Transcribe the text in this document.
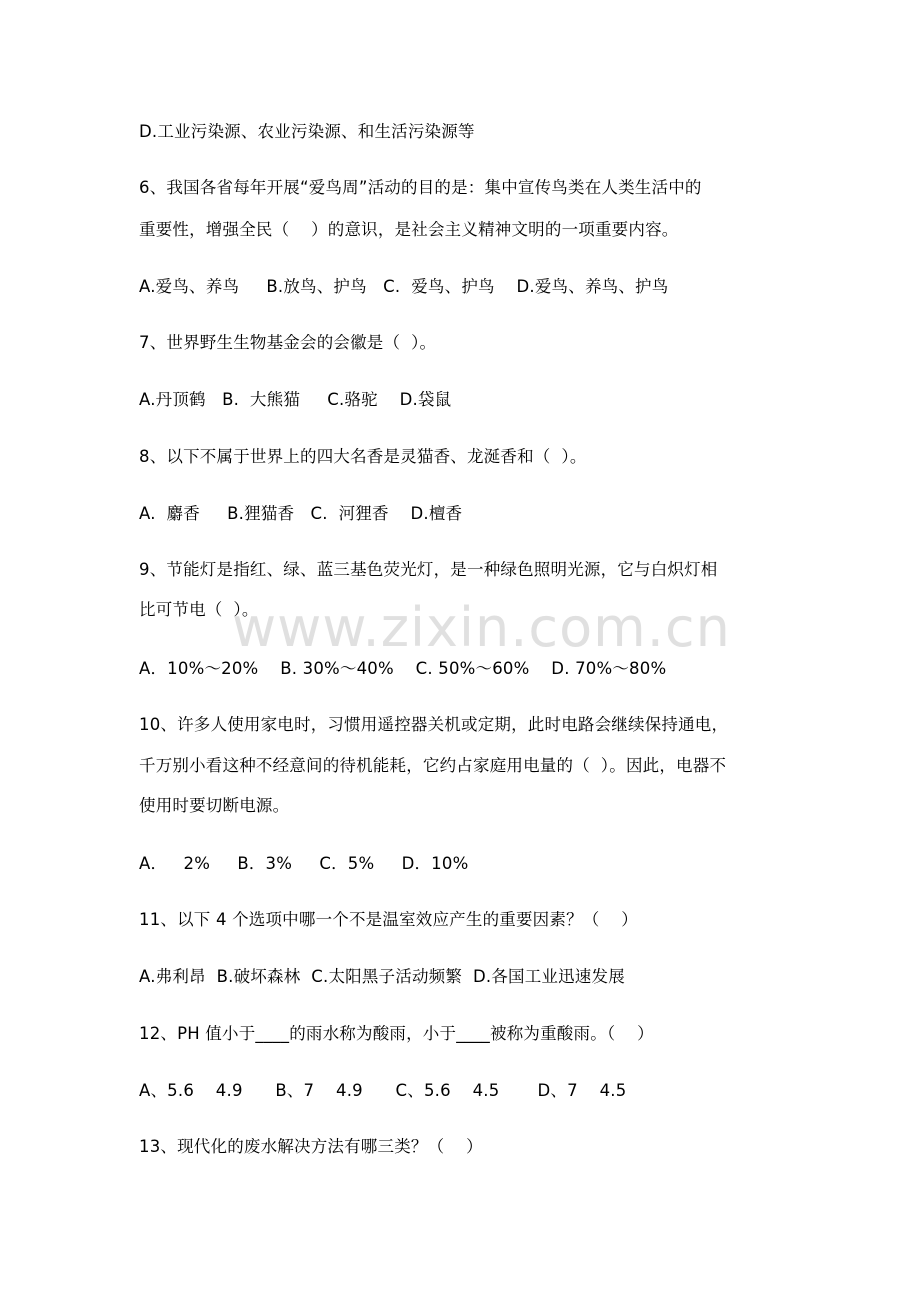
D.工业污染源、农业污染源、和生活污染源等
6、我国各省每年开展“爱鸟周”活动的目的是：集中宣传鸟类在人类生活中的
重要性，增强全民（    ）的意识，是社会主义精神文明的一项重要内容。
A.爱鸟、养鸟     B.放鸟、护鸟   C.  爱鸟、护鸟    D.爱鸟、养鸟、护鸟
7、世界野生生物基金会的会徽是（  ）。
A.丹顶鹤   B.  大熊猫     C.骆驼    D.袋鼠
8、以下不属于世界上的四大名香是灵猫香、龙涎香和（  ）。
A.  麝香     B.狸猫香   C.  河狸香    D.檀香
9、节能灯是指红、绿、蓝三基色荧光灯，是一种绿色照明光源，它与白炽灯相
比可节电（  ）。
A．10%～20%    B. 30%～40%    C. 50%～60%    D. 70%～80%
10、许多人使用家电时，习惯用遥控器关机或定期，此时电路会继续保持通电，
千万别小看这种不经意间的待机能耗，它约占家庭用电量的（  ）。因此，电器不
使用时要切断电源。
A．   2%     B．3%     C．5%     D．10%
11、以下 4 个选项中哪一个不是温室效应产生的重要因素？（    ）
A.弗利昂  B.破坏森林  C.太阳黑子活动频繁  D.各国工业迅速发展
12、PH 值小于____的雨水称为酸雨，小于____被称为重酸雨。（    ）
A、5.6    4.9      B、7    4.9      C、5.6    4.5       D、7    4.5
13、现代化的废水解决方法有哪三类？（    ）
www.zixin.com.cn
